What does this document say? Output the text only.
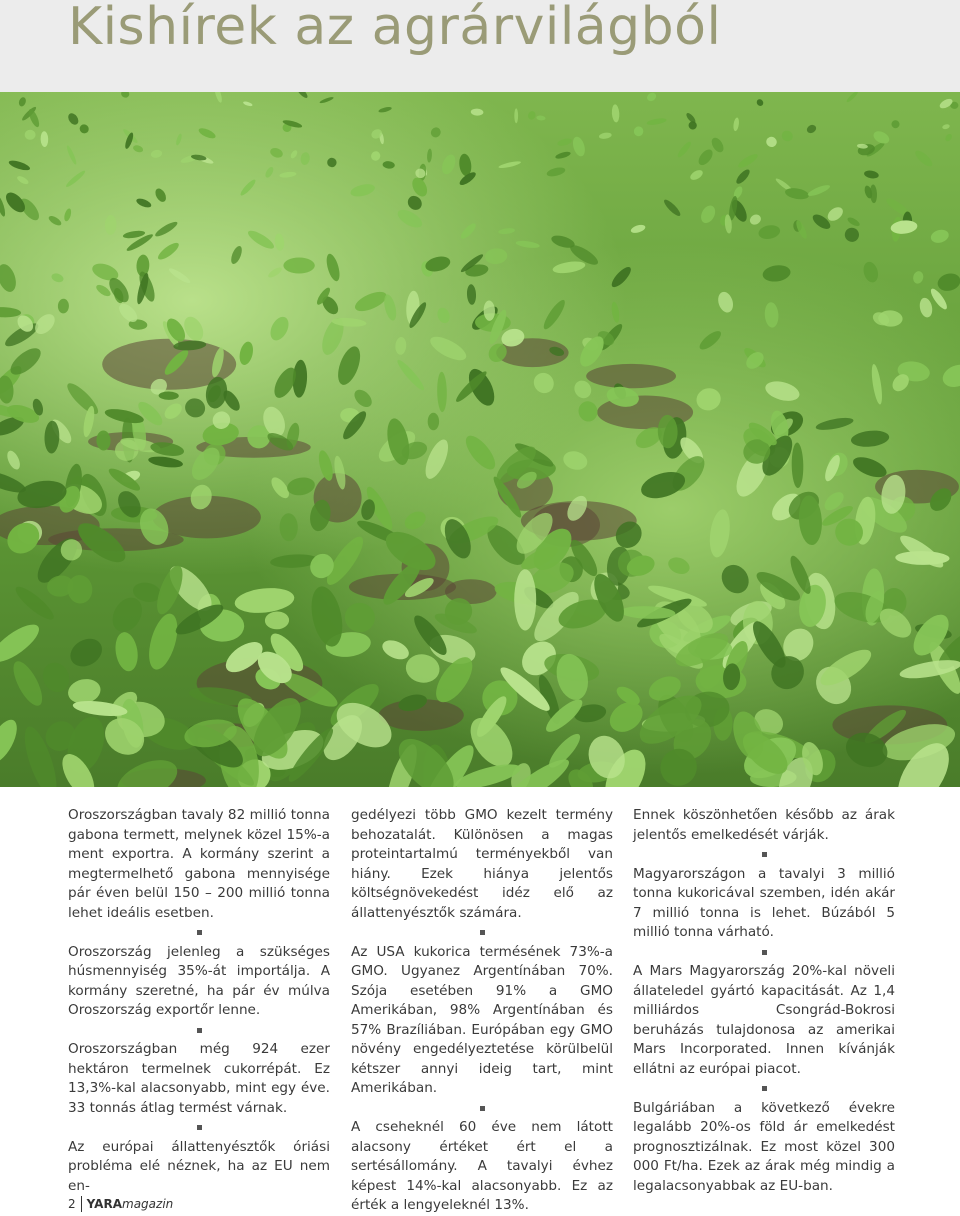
Kishírek az agrárvilágból

Oroszországban tavaly 82 millió tonna gabona termett, melynek közel 15%-a ment exportra. A kormány szerint a megtermelhető gabona mennyisége pár éven belül 150 – 200 millió tonna lehet ideális esetben.

Oroszország jelenleg a szükséges húsmennyiség 35%-át importálja. A kormány szeretné, ha pár év múlva Oroszország exportőr lenne.

Oroszországban még 924 ezer hektáron termelnek cukorrépát. Ez 13,3%-kal alacsonyabb, mint egy éve. 33 tonnás átlag termést várnak.

Az európai állattenyésztők óriási probléma elé néznek, ha az EU nem en-

gedélyezi több GMO kezelt termény behozatalát. Különösen a magas proteintartalmú terményekből van hiány. Ezek hiánya jelentős költségnövekedést idéz elő az állattenyésztők számára.

Az USA kukorica termésének 73%-a GMO. Ugyanez Argentínában 70%. Szója esetében 91% a GMO Amerikában, 98% Argentínában és 57% Brazíliában. Európában egy GMO növény engedélyeztetése körülbelül kétszer annyi ideig tart, mint Amerikában.

A cseheknél 60 éve nem látott alacsony értéket ért el a sertésállomány. A tavalyi évhez képest 14%-kal alacsonyabb. Ez az érték a lengyeleknél 13%.

Ennek köszönhetően később az árak jelentős emelkedését várják.

Magyarországon a tavalyi 3 millió tonna kukoricával szemben, idén akár 7 millió tonna is lehet. Búzából 5 millió tonna várható.

A Mars Magyarország 20%-kal növeli állateledel gyártó kapacitását. Az 1,4 milliárdos Csongrád-Bokrosi beruházás tulajdonosa az amerikai Mars Incorporated. Innen kívánják ellátni az európai piacot.

Bulgáriában a következő évekre legalább 20%-os föld ár emelkedést prognosztizálnak. Ez most közel 300 000 Ft/ha. Ezek az árak még mindig a legalacsonyabbak az EU-ban.

2 YARA magazin
